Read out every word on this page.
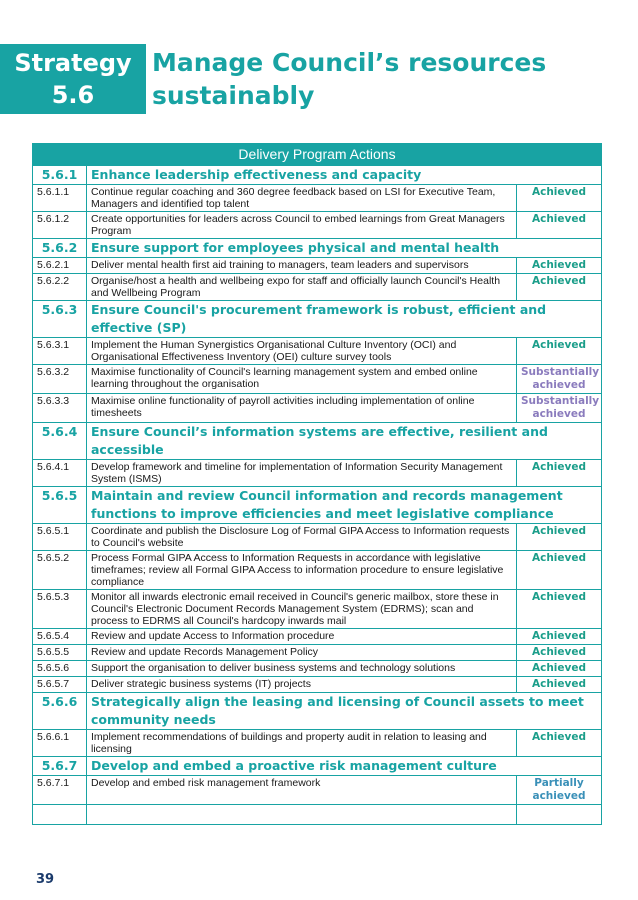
Strategy
5.6
Manage Council’s resources sustainably
Delivery Program Actions		
5.6.1	Enhance leadership effectiveness and capacity	
5.6.1.1	Continue regular coaching and 360 degree feedback based on LSI for Executive Team, Managers and identified top talent	Achieved
5.6.1.2	Create opportunities for leaders across Council to embed learnings from Great Managers Program	Achieved
5.6.2	Ensure support for employees physical and mental health	
5.6.2.1	Deliver mental health first aid training to managers, team leaders and supervisors	Achieved
5.6.2.2	Organise/host a health and wellbeing expo for staff and officially launch Council's Health and Wellbeing Program	Achieved
5.6.3	Ensure Council's procurement framework is robust, efficient and effective (SP)	
5.6.3.1	Implement the Human Synergistics Organisational Culture Inventory (OCI) and Organisational Effectiveness Inventory (OEI) culture survey tools	Achieved
5.6.3.2	Maximise functionality of Council's learning management system and embed online learning throughout the organisation	Substantially achieved
5.6.3.3	Maximise online functionality of payroll activities including implementation of online timesheets	Substantially achieved
5.6.4	Ensure Council’s information systems are effective, resilient and accessible	
5.6.4.1	Develop framework and timeline for implementation of Information Security Management System (ISMS)	Achieved
5.6.5	Maintain and review Council information and records management functions to improve efficiencies and meet legislative compliance	
5.6.5.1	Coordinate and publish the Disclosure Log of Formal GIPA Access to Information requests to Council's website	Achieved
5.6.5.2	Process Formal GIPA Access to Information Requests in accordance with legislative timeframes; review all Formal GIPA Access to information procedure to ensure legislative compliance	Achieved
5.6.5.3	Monitor all inwards electronic email received in Council's generic mailbox, store these in Council's Electronic Document Records Management System (EDRMS); scan and process to EDRMS all Council's hardcopy inwards mail	Achieved
5.6.5.4	Review and update Access to Information procedure	Achieved
5.6.5.5	Review and update Records Management Policy	Achieved
5.6.5.6	Support the organisation to deliver business systems and technology solutions	Achieved
5.6.5.7	Deliver strategic business systems (IT) projects	Achieved
5.6.6	Strategically align the leasing and licensing of Council assets to meet community needs	
5.6.6.1	Implement recommendations of buildings and property audit in relation to leasing and licensing	Achieved
5.6.7	Develop and embed a proactive risk management culture	
5.6.7.1	Develop and embed risk management framework	Partially achieved

39
